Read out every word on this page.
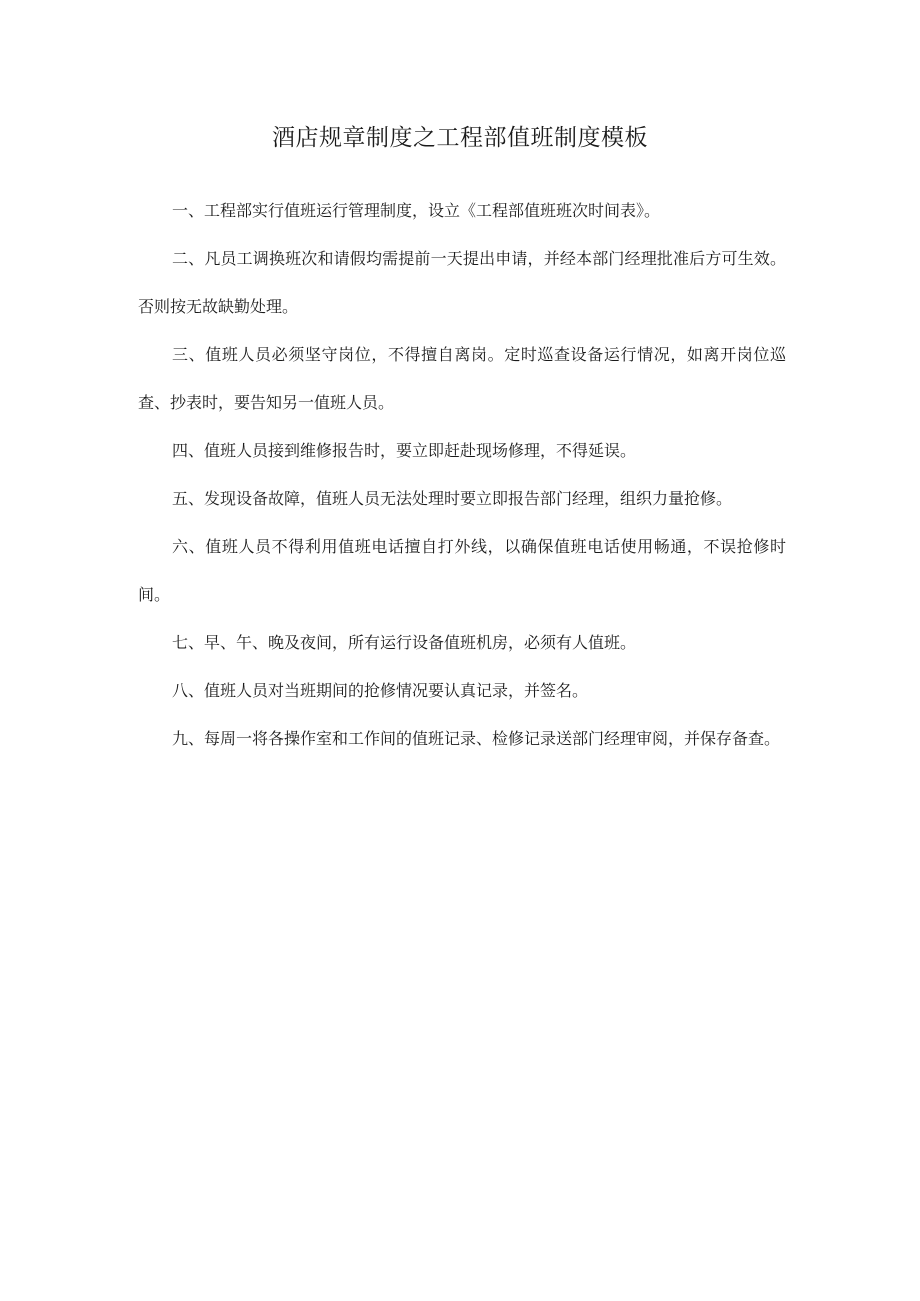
酒店规章制度之工程部值班制度模板

一、工程部实行值班运行管理制度，设立《工程部值班班次时间表》。

二、凡员工调换班次和请假均需提前一天提出申请，并经本部门经理批准后方可生效。否则按无故缺勤处理。

三、值班人员必须坚守岗位，不得擅自离岗。定时巡查设备运行情况，如离开岗位巡查、抄表时，要告知另一值班人员。

四、值班人员接到维修报告时，要立即赶赴现场修理，不得延误。

五、发现设备故障，值班人员无法处理时要立即报告部门经理，组织力量抢修。

六、值班人员不得利用值班电话擅自打外线，以确保值班电话使用畅通，不误抢修时间。

七、早、午、晚及夜间，所有运行设备值班机房，必须有人值班。

八、值班人员对当班期间的抢修情况要认真记录，并签名。

九、每周一将各操作室和工作间的值班记录、检修记录送部门经理审阅，并保存备查。
